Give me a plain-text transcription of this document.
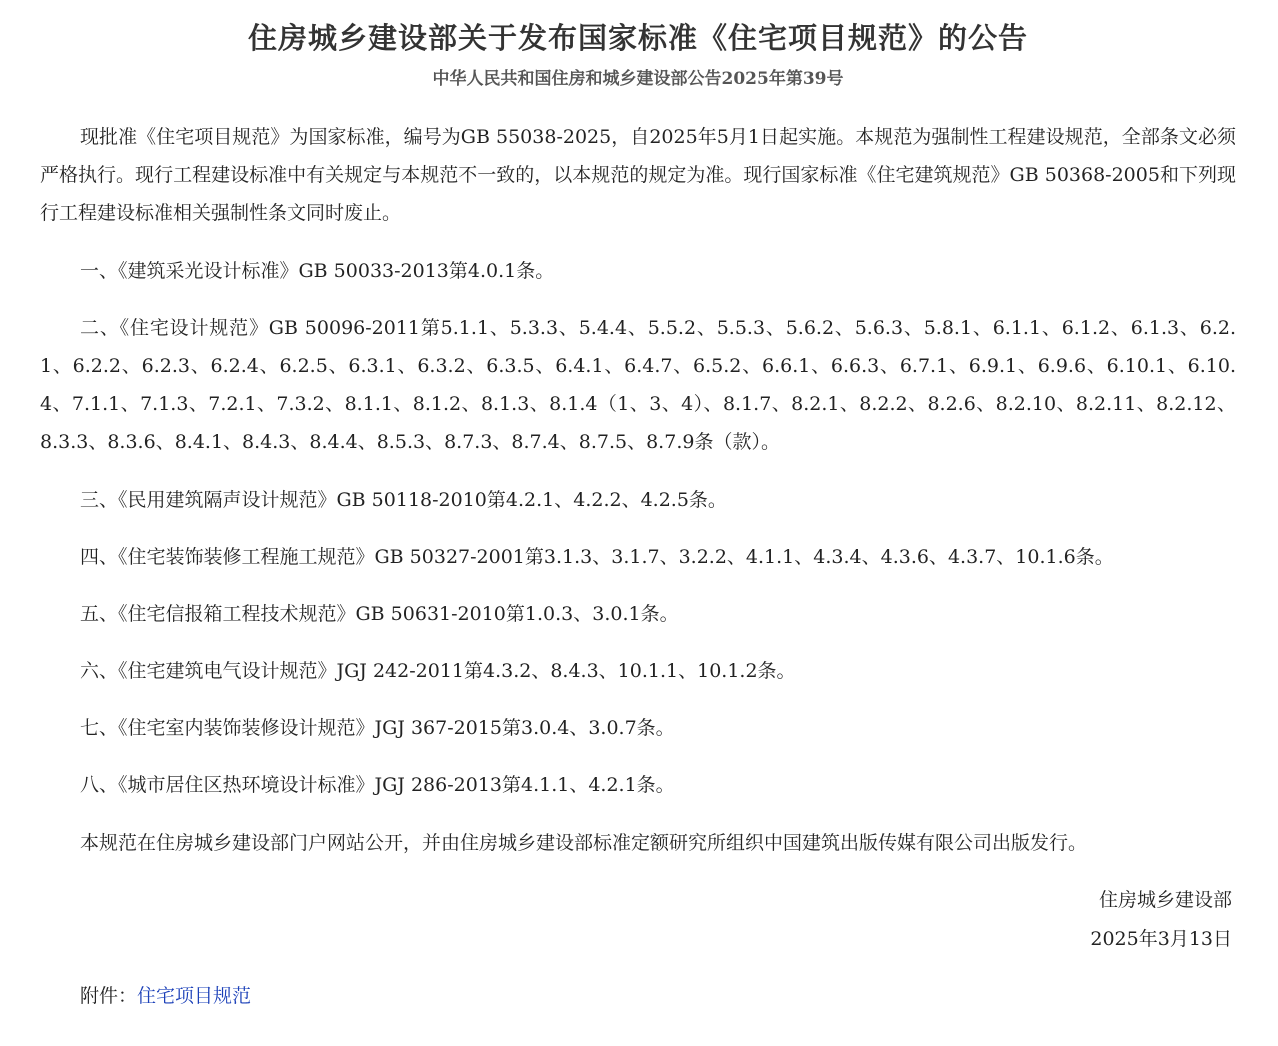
住房城乡建设部关于发布国家标准《住宅项目规范》的公告
中华人民共和国住房和城乡建设部公告2025年第39号

现批准《住宅项目规范》为国家标准，编号为GB 55038-2025，自2025年5月1日起实施。本规范为强制性工程建设规范，全部条文必须严格执行。现行工程建设标准中有关规定与本规范不一致的，以本规范的规定为准。现行国家标准《住宅建筑规范》GB 50368-2005和下列现行工程建设标准相关强制性条文同时废止。

一、《建筑采光设计标准》GB 50033-2013第4.0.1条。

二、《住宅设计规范》GB 50096-2011第5.1.1、5.3.3、5.4.4、5.5.2、5.5.3、5.6.2、5.6.3、5.8.1、6.1.1、6.1.2、6.1.3、6.2.1、6.2.2、6.2.3、6.2.4、6.2.5、6.3.1、6.3.2、6.3.5、6.4.1、6.4.7、6.5.2、6.6.1、6.6.3、6.7.1、6.9.1、6.9.6、6.10.1、6.10.4、7.1.1、7.1.3、7.2.1、7.3.2、8.1.1、8.1.2、8.1.3、8.1.4（1、3、4）、8.1.7、8.2.1、8.2.2、8.2.6、8.2.10、8.2.11、8.2.12、8.3.3、8.3.6、8.4.1、8.4.3、8.4.4、8.5.3、8.7.3、8.7.4、8.7.5、8.7.9条（款）。

三、《民用建筑隔声设计规范》GB 50118-2010第4.2.1、4.2.2、4.2.5条。

四、《住宅装饰装修工程施工规范》GB 50327-2001第3.1.3、3.1.7、3.2.2、4.1.1、4.3.4、4.3.6、4.3.7、10.1.6条。

五、《住宅信报箱工程技术规范》GB 50631-2010第1.0.3、3.0.1条。

六、《住宅建筑电气设计规范》JGJ 242-2011第4.3.2、8.4.3、10.1.1、10.1.2条。

七、《住宅室内装饰装修设计规范》JGJ 367-2015第3.0.4、3.0.7条。

八、《城市居住区热环境设计标准》JGJ 286-2013第4.1.1、4.2.1条。

本规范在住房城乡建设部门户网站公开，并由住房城乡建设部标准定额研究所组织中国建筑出版传媒有限公司出版发行。

住房城乡建设部

2025年3月13日

附件：住宅项目规范
